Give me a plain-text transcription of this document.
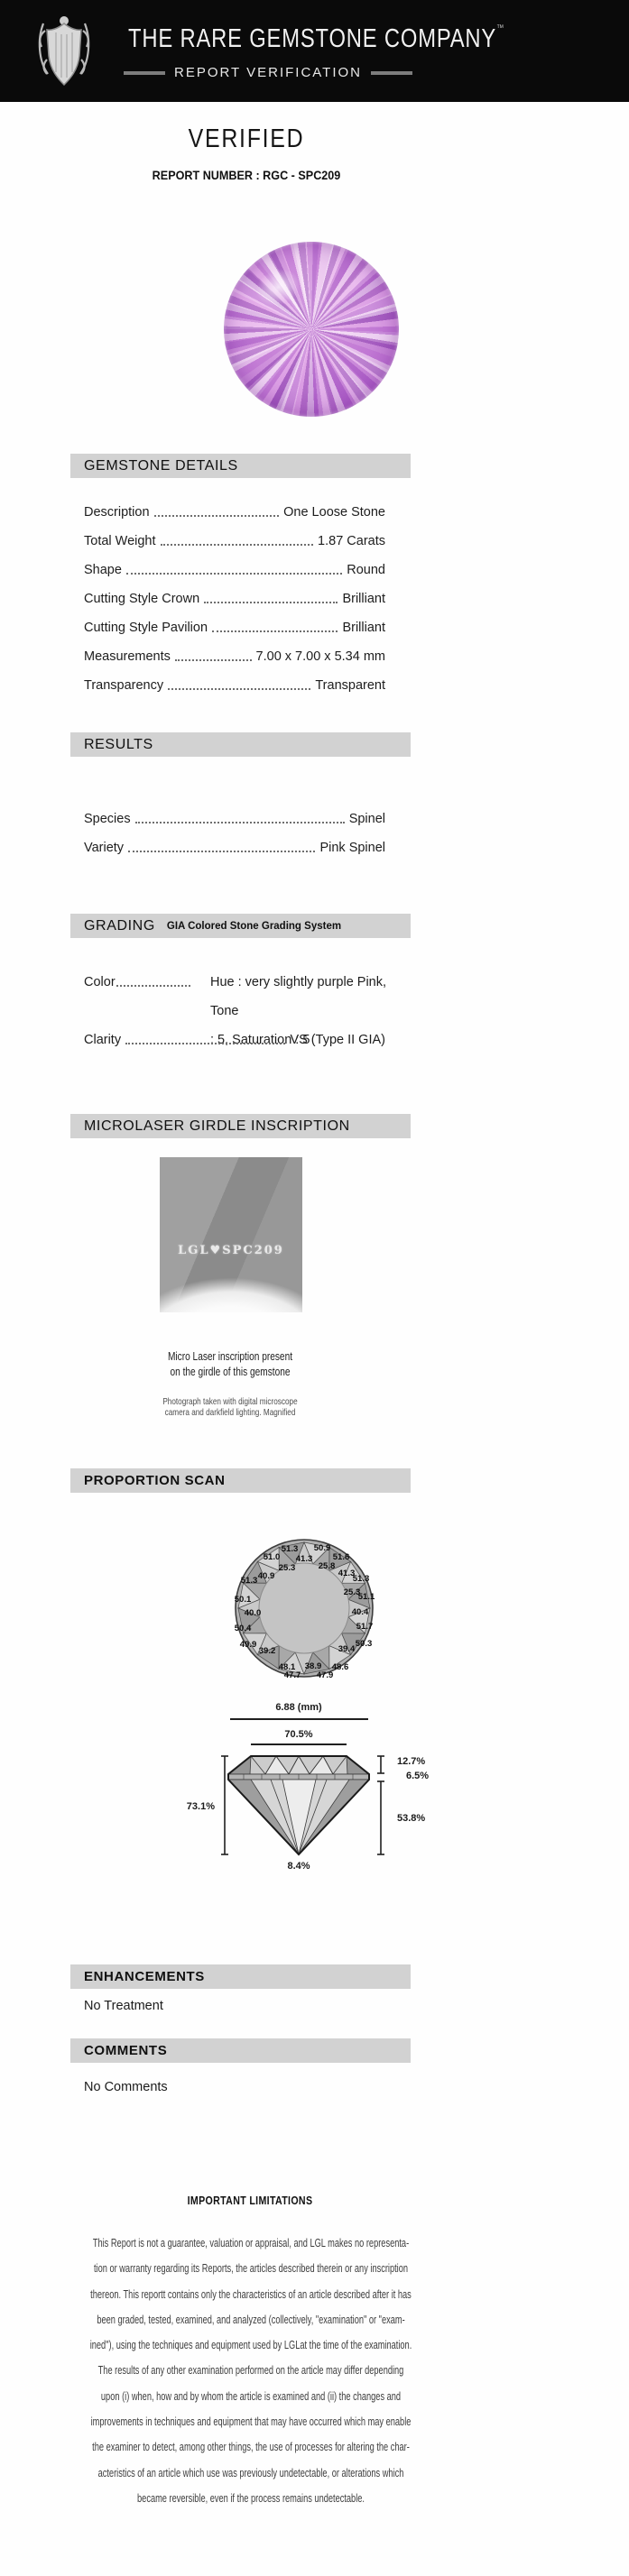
THE RARE GEMSTONE COMPANY™
REPORT VERIFICATION
VERIFIED
REPORT NUMBER : RGC - SPC209
GEMSTONE DETAILS
Description	One Loose Stone
Total Weight	1.87 Carats
Shape	Round
Cutting Style Crown	Brilliant
Cutting Style Pavilion	Brilliant
Measurements	7.00 x 7.00 x 5.34 mm
Transparency	Transparent
RESULTS
Species	Spinel
Variety	Pink Spinel
GRADING GIA Colored Stone Grading System
Color	Hue : very slightly purple Pink, Tone
: 5, Saturation : 5
Clarity	VS (Type II GIA)
MICROLASER GIRDLE INSCRIPTION
LGL♥SPC209
Micro Laser inscription present
on the girdle of this gemstone
Photograph taken with digital microscope
camera and darkfield lighting. Magnified
PROPORTION SCAN
51.3 50.9
51.0 41.3 51.6
25.3	25.8
40.9	41.3
51.3	51.3
50.1
25.3
51.1
40.0	40.4
50.4	51.7
49.9	50.3
39.2	39.4
48.1	48.6
38.9
47.7 47.9
6.88 (mm)
70.5%
73.1%
12.7%
6.5%
53.8%
8.4%
ENHANCEMENTS
No Treatment
COMMENTS
No Comments
IMPORTANT LIMITATIONS
This Report is not a guarantee, valuation or appraisal, and LGL makes no representa-
tion or warranty regarding its Reports, the articles described therein or any inscription
thereon. This reportt contains only the characteristics of an article described after it has
been graded, tested, examined, and analyzed (collectively, "examination" or "exam-
ined"), using the techniques and equipment used by LGLat the time of the examination.
The results of any other examination performed on the article may differ depending
upon (i) when, how and by whom the article is examined and (ii) the changes and
improvements in techniques and equipment that may have occurred which may enable
the examiner to detect, among other things, the use of processes for altering the char-
acteristics of an article which use was previously undetectable, or alterations which
became reversible, even if the process remains undetectable.
